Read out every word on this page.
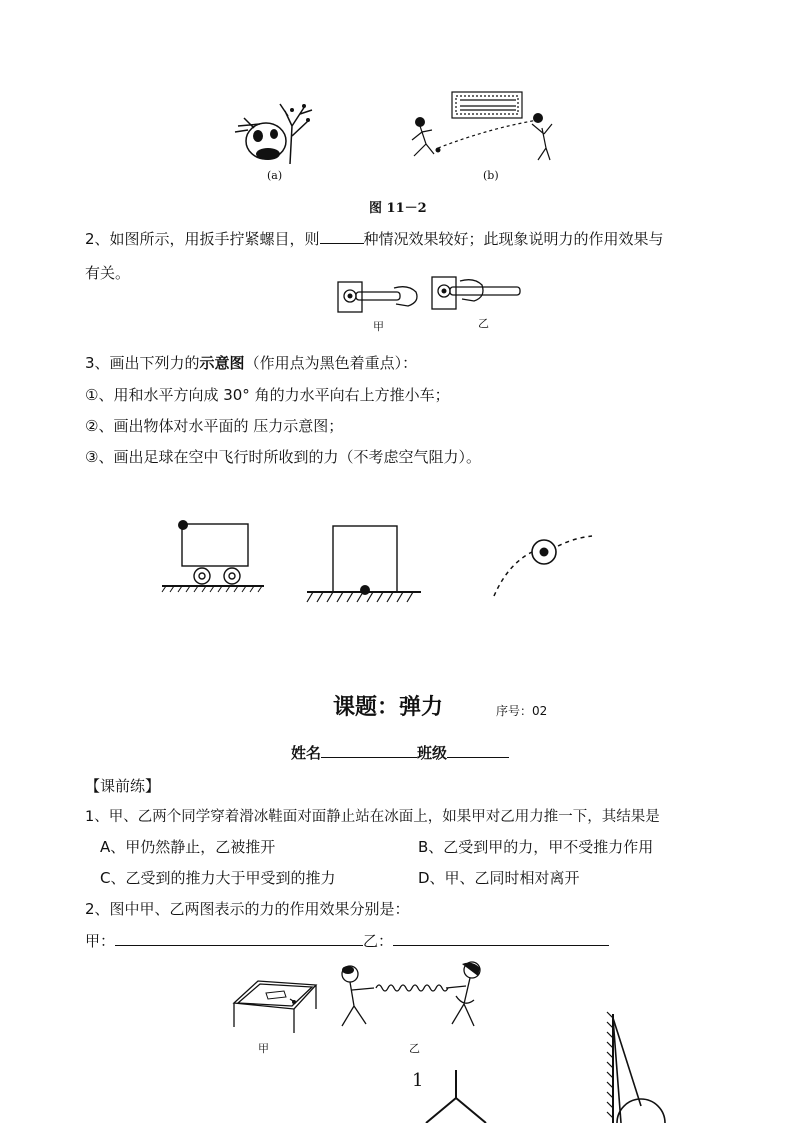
(a)	(b)
图 11－2
2、如图所示，用扳手拧紧螺目，则	种情况效果较好；此现象说明力的作用效果与
有关。
甲	乙
3、画出下列力的示意图（作用点为黑色着重点）：
①、用和水平方向成 30° 角的力水平向右上方推小车；
②、画出物体对水平面的 压力示意图；
③、画出足球在空中飞行时所收到的力（不考虑空气阻力）。
课题：弹力	序号：02
姓名	班级
【课前练】
1、甲、乙两个同学穿着滑冰鞋面对面静止站在冰面上，如果甲对乙用力推一下，其结果是
A、甲仍然静止，乙被推开	B、乙受到甲的力，甲不受推力作用
C、乙受到的推力大于甲受到的推力	D、甲、乙同时相对离开
2、图中甲、乙两图表示的力的作用效果分别是：
甲：	乙：
甲	乙
1
